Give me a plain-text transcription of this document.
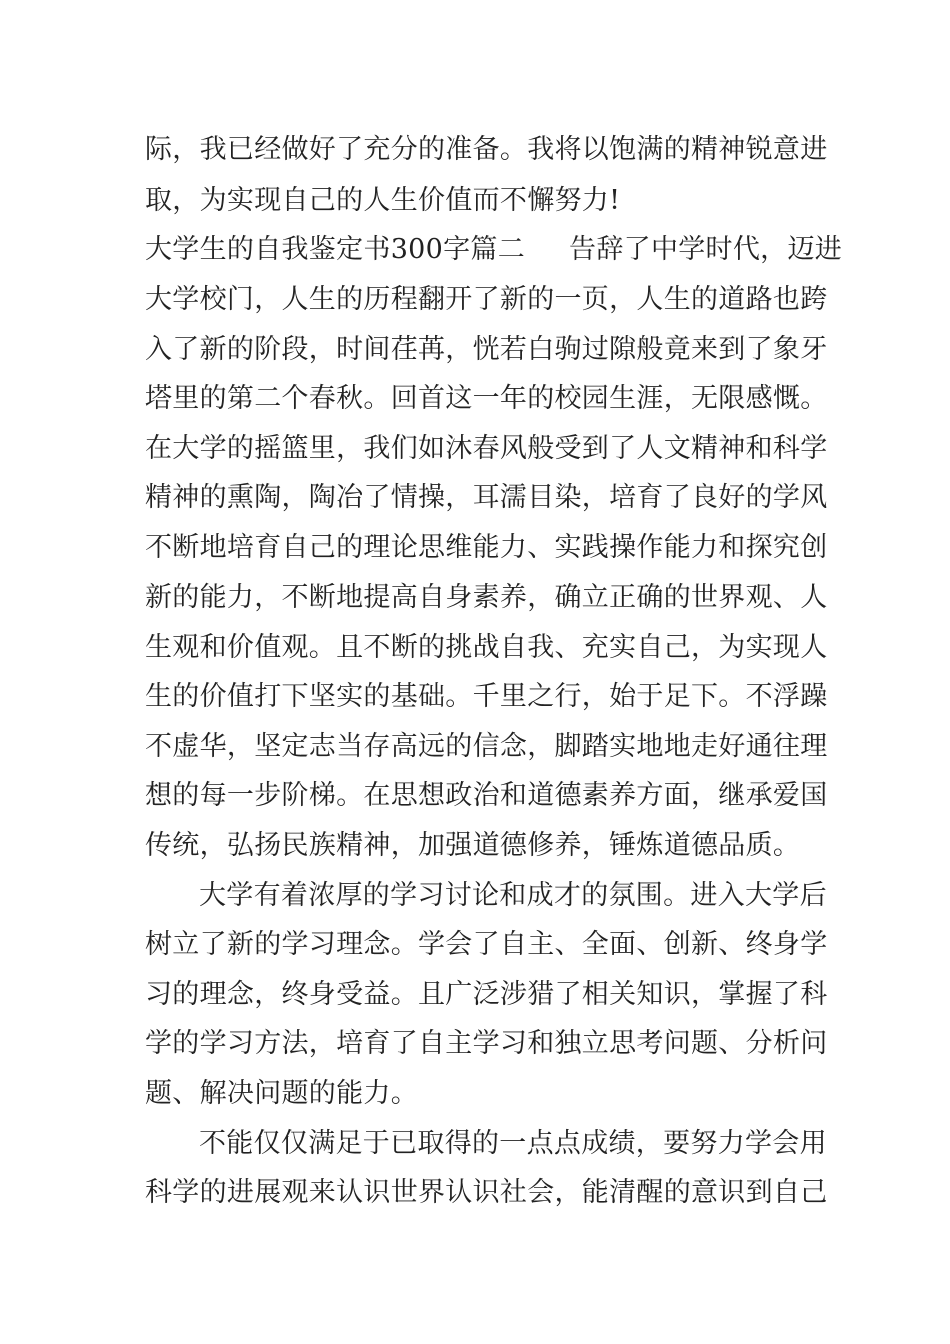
际，我已经做好了充分的准备。我将以饱满的精神锐意进
取，为实现自己的人生价值而不懈努力!
大学生的自我鉴定书300字篇二 告辞了中学时代，迈进
大学校门，人生的历程翻开了新的一页，人生的道路也跨
入了新的阶段，时间荏苒，恍若白驹过隙般竟来到了象牙
塔里的第二个春秋。回首这一年的校园生涯，无限感慨。
在大学的摇篮里，我们如沐春风般受到了人文精神和科学
精神的熏陶，陶冶了情操，耳濡目染，培育了良好的学风
不断地培育自己的理论思维能力、实践操作能力和探究创
新的能力，不断地提高自身素养，确立正确的世界观、人
生观和价值观。且不断的挑战自我、充实自己，为实现人
生的价值打下坚实的基础。千里之行，始于足下。不浮躁
不虚华，坚定志当存高远的信念，脚踏实地地走好通往理
想的每一步阶梯。在思想政治和道德素养方面，继承爱国
传统，弘扬民族精神，加强道德修养，锤炼道德品质。
大学有着浓厚的学习讨论和成才的氛围。进入大学后
树立了新的学习理念。学会了自主、全面、创新、终身学
习的理念，终身受益。且广泛涉猎了相关知识，掌握了科
学的学习方法，培育了自主学习和独立思考问题、分析问
题、解决问题的能力。
不能仅仅满足于已取得的一点点成绩，要努力学会用
科学的进展观来认识世界认识社会，能清醒的意识到自己
